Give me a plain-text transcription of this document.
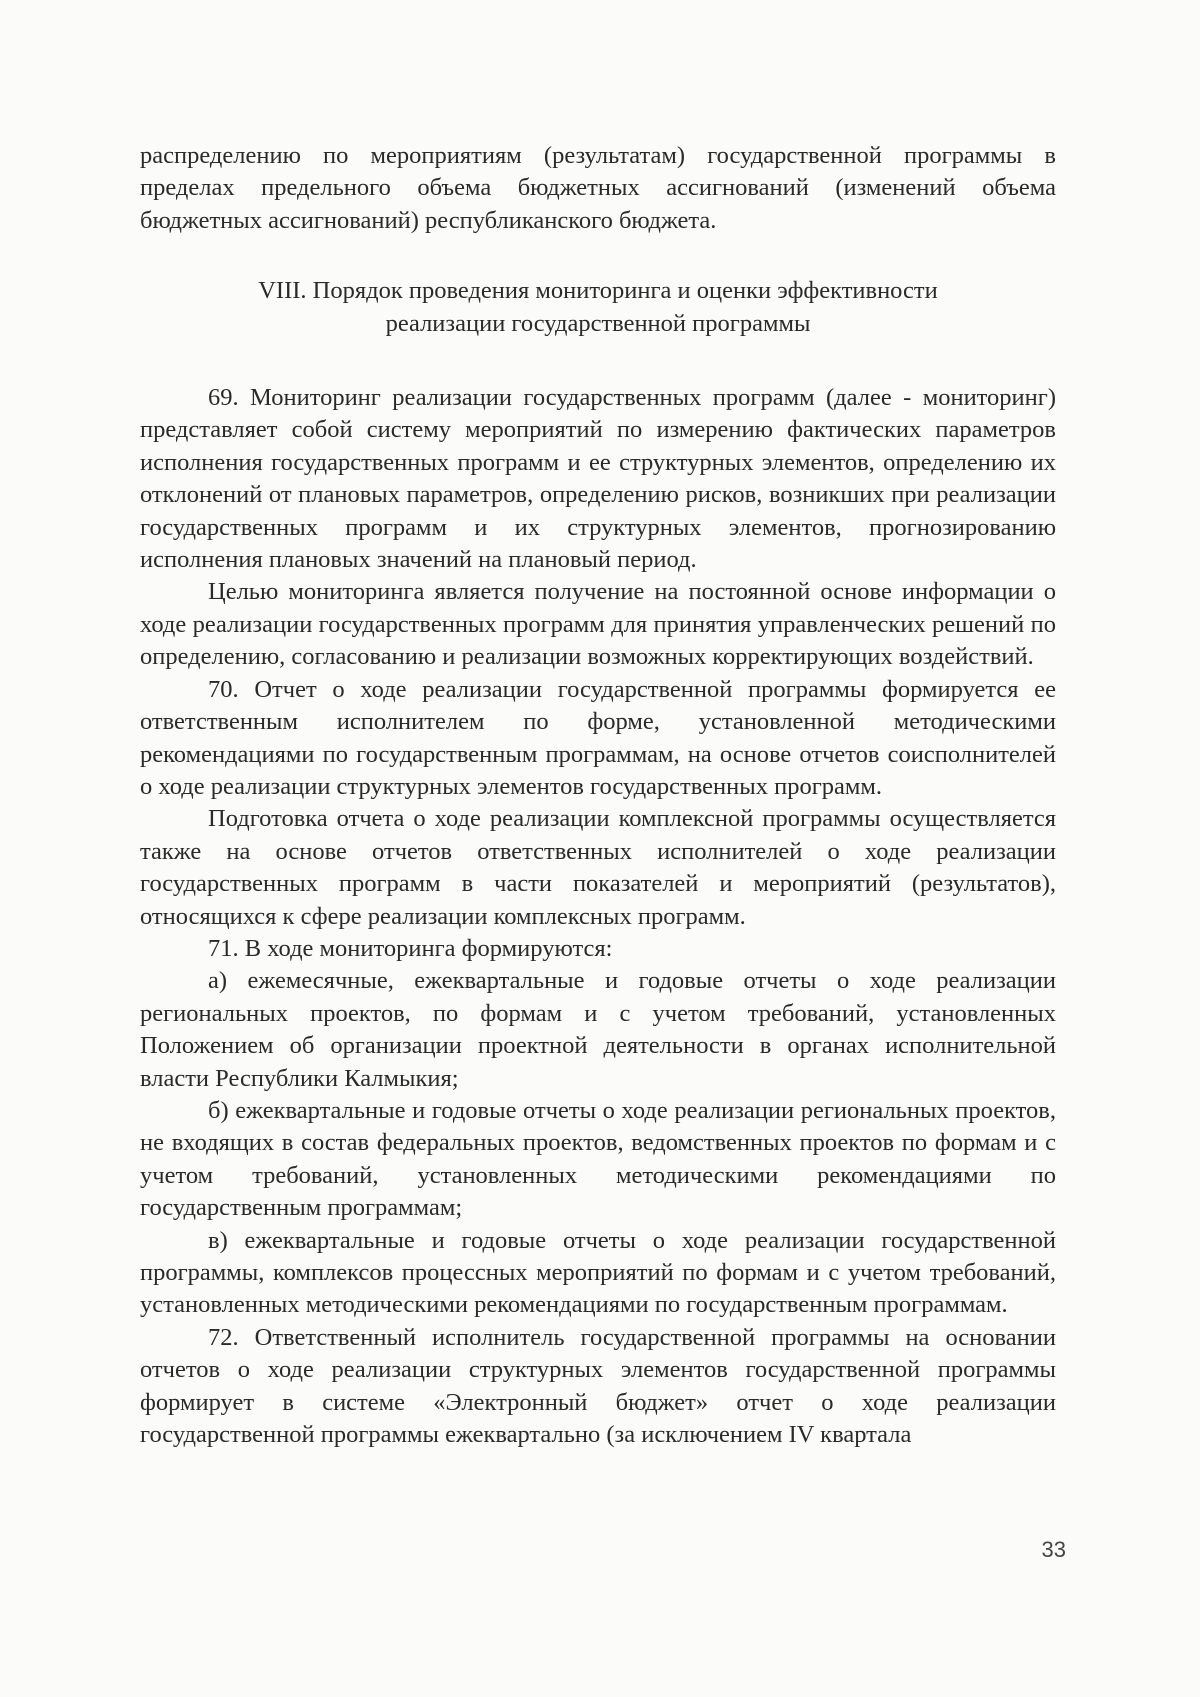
распределению по мероприятиям (результатам) государственной программы в пределах предельного объема бюджетных ассигнований (изменений объема бюджетных ассигнований) республиканского бюджета.

VIII. Порядок проведения мониторинга и оценки эффективности
реализации государственной программы

69. Мониторинг реализации государственных программ (далее - мониторинг) представляет собой систему мероприятий по измерению фактических параметров исполнения государственных программ и ее структурных элементов, определению их отклонений от плановых параметров, определению рисков, возникших при реализации государственных программ и их структурных элементов, прогнозированию исполнения плановых значений на плановый период.

Целью мониторинга является получение на постоянной основе информации о ходе реализации государственных программ для принятия управленческих решений по определению, согласованию и реализации возможных корректирующих воздействий.

70. Отчет о ходе реализации государственной программы формируется ее ответственным исполнителем по форме, установленной методическими рекомендациями по государственным программам, на основе отчетов соисполнителей о ходе реализации структурных элементов государственных программ.

Подготовка отчета о ходе реализации комплексной программы осуществляется также на основе отчетов ответственных исполнителей о ходе реализации государственных программ в части показателей и мероприятий (результатов), относящихся к сфере реализации комплексных программ.

71. В ходе мониторинга формируются:

а) ежемесячные, ежеквартальные и годовые отчеты о ходе реализации региональных проектов, по формам и с учетом требований, установленных Положением об организации проектной деятельности в органах исполнительной власти Республики Калмыкия;

б) ежеквартальные и годовые отчеты о ходе реализации региональных проектов, не входящих в состав федеральных проектов, ведомственных проектов по формам и с учетом требований, установленных методическими рекомендациями по государственным программам;

в) ежеквартальные и годовые отчеты о ходе реализации государственной программы, комплексов процессных мероприятий по формам и с учетом требований, установленных методическими рекомендациями по государственным программам.

72. Ответственный исполнитель государственной программы на основании отчетов о ходе реализации структурных элементов государственной программы формирует в системе «Электронный бюджет» отчет о ходе реализации государственной программы ежеквартально (за исключением IV квартала

33
